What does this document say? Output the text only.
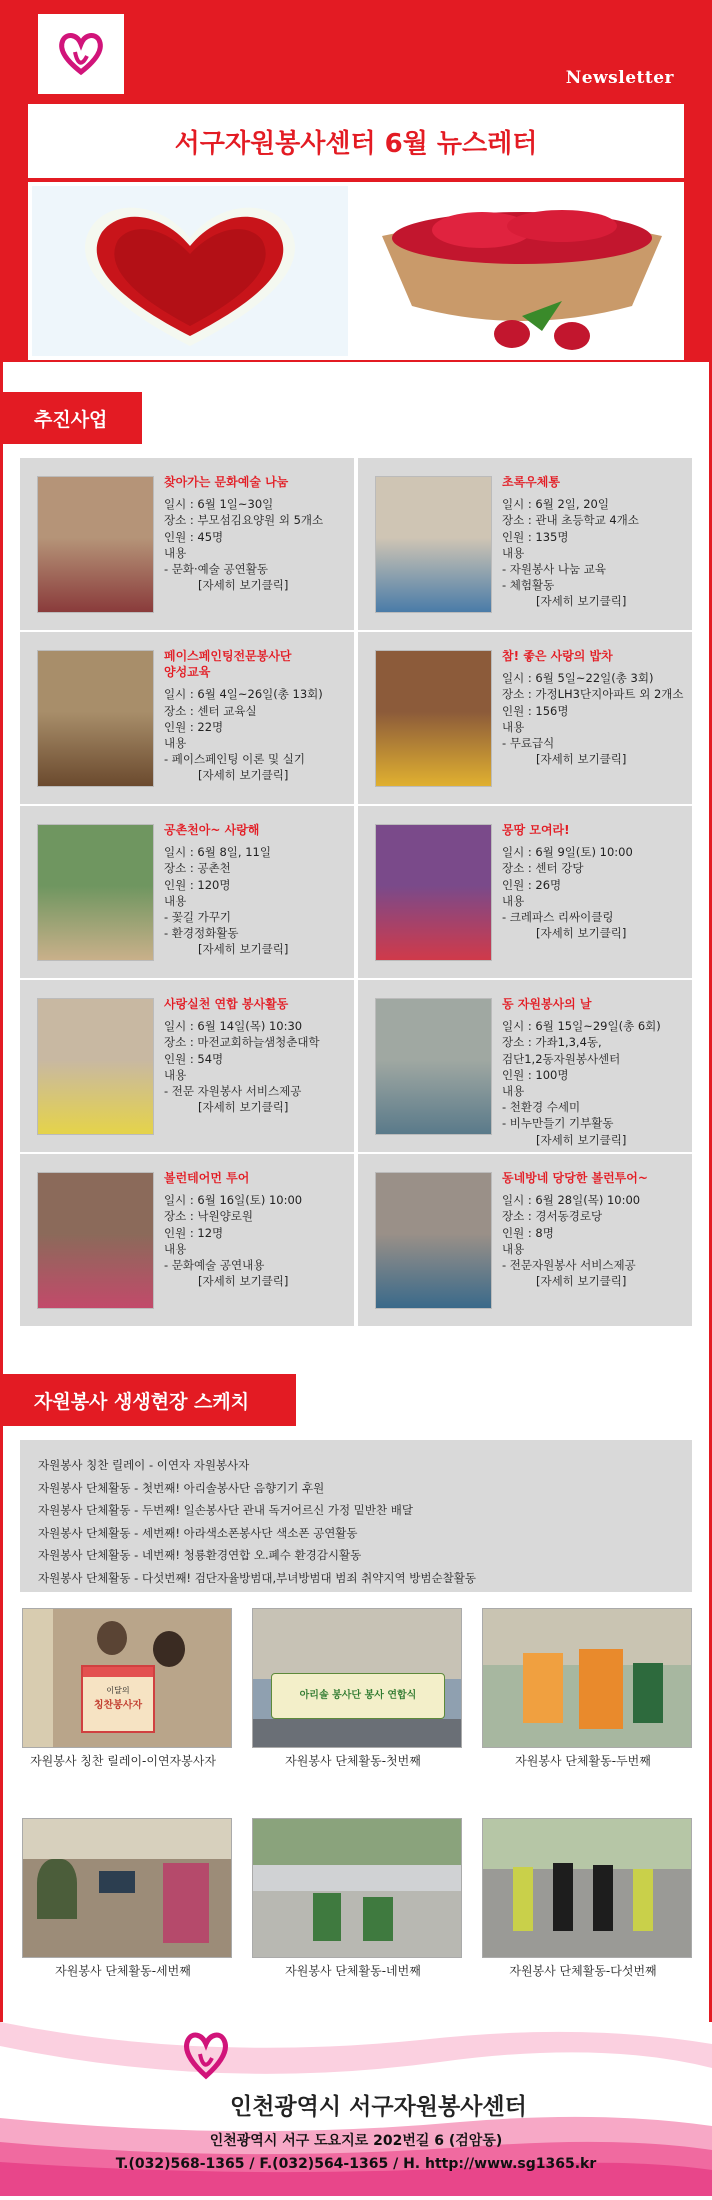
Newsletter
서구자원봉사센터 6월 뉴스레터
추진사업
찾아가는 문화예술 나눔
일시 : 6월 1일~30일
장소 : 부모섬김요양원 외 5개소
인원 : 45명
내용
- 문화·예술 공연활동
[자세히 보기클릭]
초록우체통
일시 : 6월 2일, 20일
장소 : 관내 초등학교 4개소
인원 : 135명
내용
- 자원봉사 나눔 교육
- 체험활동
[자세히 보기클릭]
페이스페인팅전문봉사단
양성교육
일시 : 6월 4일~26일(총 13회)
장소 : 센터 교육실
인원 : 22명
내용
- 페이스페인팅 이론 및 실기
[자세히 보기클릭]
참! 좋은 사랑의 밥차
일시 : 6월 5일~22일(총 3회)
장소 : 가정LH3단지아파트 외 2개소
인원 : 156명
내용
- 무료급식
[자세히 보기클릭]
공촌천아~ 사랑해
일시 : 6월 8일, 11일
장소 : 공촌천
인원 : 120명
내용
- 꽃길 가꾸기
- 환경정화활동
[자세히 보기클릭]
몽땅 모여라!
일시 : 6월 9일(토) 10:00
장소 : 센터 강당
인원 : 26명
내용
- 크레파스 리싸이클링
[자세히 보기클릭]
사랑실천 연합 봉사활동
일시 : 6월 14일(목) 10:30
장소 : 마전교회하늘샘청춘대학
인원 : 54명
내용
- 전문 자원봉사 서비스제공
[자세히 보기클릭]
동 자원봉사의 날
일시 : 6월 15일~29일(총 6회)
장소 : 가좌1,3,4동,
검단1,2동자원봉사센터
인원 : 100명
내용
- 천환경 수세미
- 비누만들기 기부활동
[자세히 보기클릭]
볼런테어먼 투어
일시 : 6월 16일(토) 10:00
장소 : 낙원양로원
인원 : 12명
내용
- 문화예술 공연내용
[자세히 보기클릭]
동네방네 당당한 볼런투어~
일시 : 6월 28일(목) 10:00
장소 : 경서동경로당
인원 : 8명
내용
- 전문자원봉사 서비스제공
[자세히 보기클릭]
자원봉사 생생현장 스케치
자원봉사 칭찬 릴레이 - 이연자 자원봉사자
자원봉사 단체활동 - 첫번째! 아리솔봉사단 음향기기 후원
자원봉사 단체활동 - 두번째! 일손봉사단 관내 독거어르신 가정 밑반찬 배달
자원봉사 단체활동 - 세번째! 아라색소폰봉사단 색소폰 공연활동
자원봉사 단체활동 - 네번째! 청룡환경연합 오.폐수 환경감시활동
자원봉사 단체활동 - 다섯번째! 검단자율방범대,부녀방범대 범죄 취약지역 방범순찰활동
이달의
칭찬봉사자
아리솔 봉사단 봉사 연합식
자원봉사 칭찬 릴레이-이연자봉사자	자원봉사 단체활동-첫번째	자원봉사 단체활동-두번째
자원봉사 단체활동-세번째	자원봉사 단체활동-네번째	자원봉사 단체활동-다섯번째
인천광역시 서구자원봉사센터
인천광역시 서구 도요지로 202번길 6 (검암동)
T.(032)568-1365 / F.(032)564-1365 / H. http://www.sg1365.kr
